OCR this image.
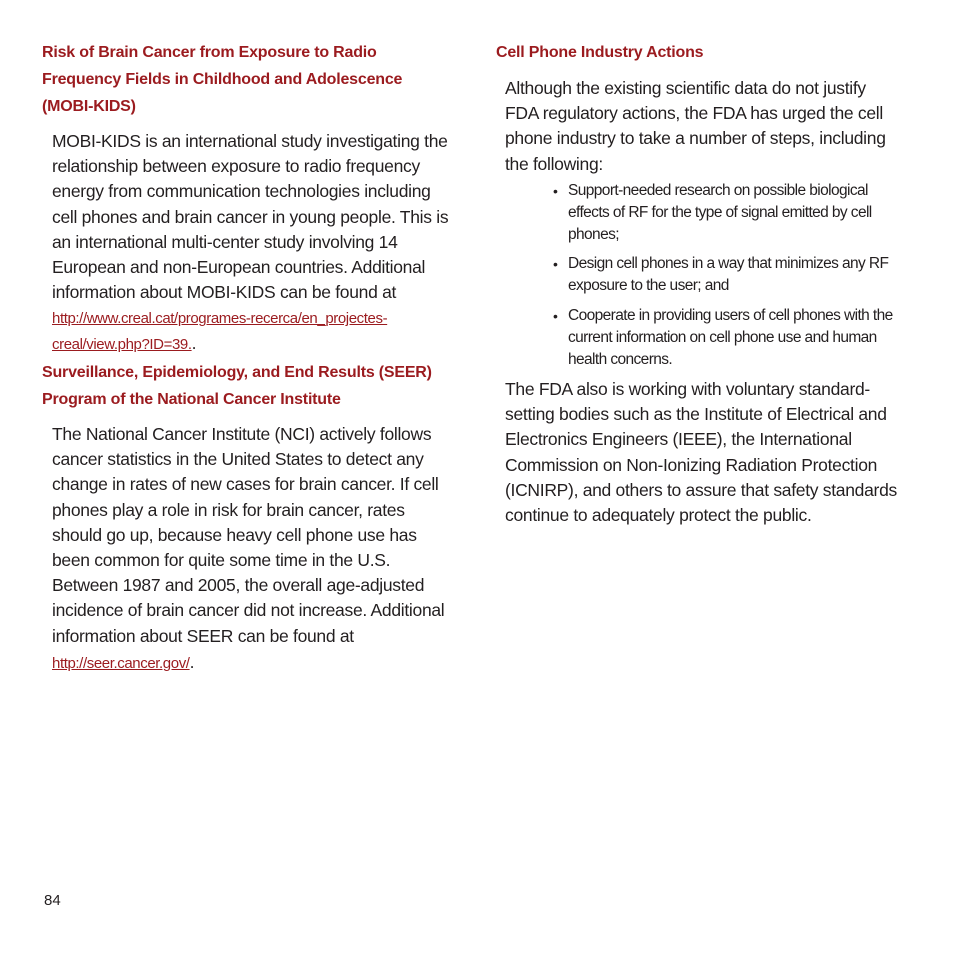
Risk of Brain Cancer from Exposure to Radio Frequency Fields in Childhood and Adolescence (MOBI-KIDS)

MOBI-KIDS is an international study investigating the relationship between exposure to radio frequency energy from communication technologies including cell phones and brain cancer in young people. This is an international multi-center study involving 14 European and non-European countries. Additional information about MOBI-KIDS can be found at

http://www.creal.cat/programes-recerca/en_projectes-creal/view.php?ID=39..
Surveillance, Epidemiology, and End Results (SEER) Program of the National Cancer Institute

The National Cancer Institute (NCI) actively follows cancer statistics in the United States to detect any change in rates of new cases for brain cancer. If cell phones play a role in risk for brain cancer, rates should go up, because heavy cell phone use has been common for quite some time in the U.S. Between 1987 and 2005, the overall age-adjusted incidence of brain cancer did not increase. Additional information about SEER can be found at

http://seer.cancer.gov/.
Cell Phone Industry Actions

Although the existing scientific data do not justify FDA regulatory actions, the FDA has urged the cell phone industry to take a number of steps, including the following:

• Support-needed research on possible biological effects of RF for the type of signal emitted by cell phones;
• Design cell phones in a way that minimizes any RF exposure to the user; and
• Cooperate in providing users of cell phones with the current information on cell phone use and human health concerns.

The FDA also is working with voluntary standard-setting bodies such as the Institute of Electrical and Electronics Engineers (IEEE), the International Commission on Non-Ionizing Radiation Protection (ICNIRP), and others to assure that safety standards continue to adequately protect the public.

84
